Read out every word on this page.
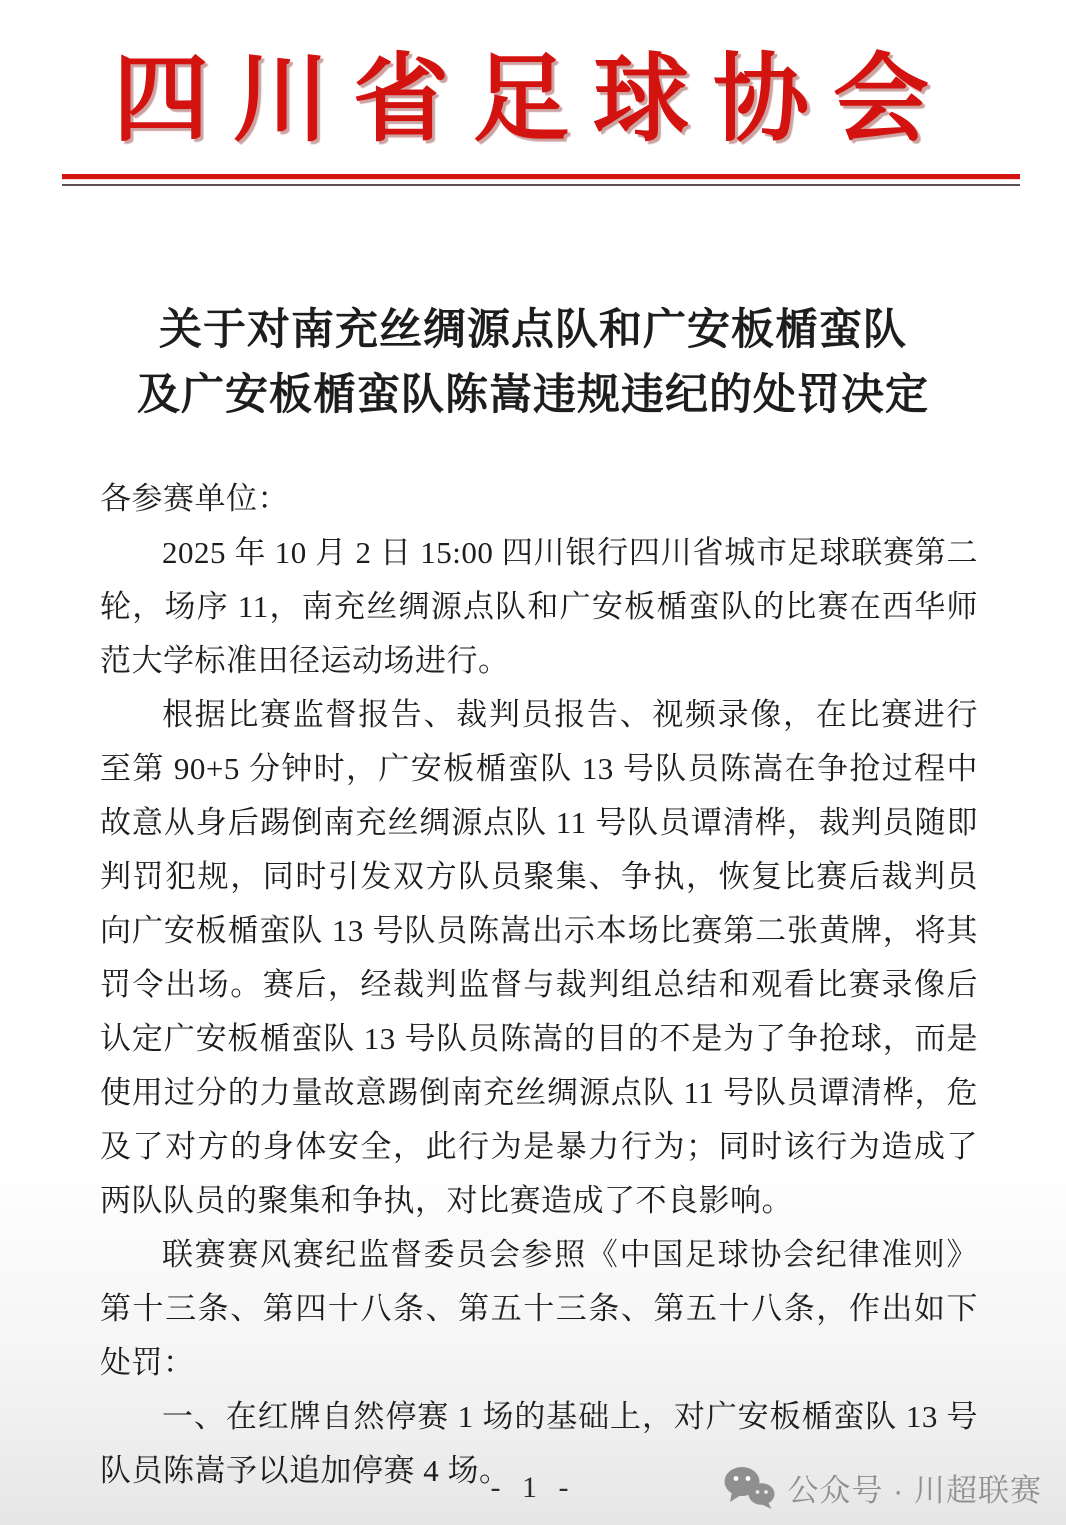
四川省足球协会
关于对南充丝绸源点队和广安板楯蛮队
及广安板楯蛮队陈嵩违规违纪的处罚决定

各参赛单位：

2025 年 10 月 2 日 15:00 四川银行四川省城市足球联赛第二轮，场序 11，南充丝绸源点队和广安板楯蛮队的比赛在西华师范大学标准田径运动场进行。

根据比赛监督报告、裁判员报告、视频录像，在比赛进行至第 90+5 分钟时，广安板楯蛮队 13 号队员陈嵩在争抢过程中故意从身后踢倒南充丝绸源点队 11 号队员谭清桦，裁判员随即判罚犯规，同时引发双方队员聚集、争执，恢复比赛后裁判员向广安板楯蛮队 13 号队员陈嵩出示本场比赛第二张黄牌，将其罚令出场。赛后，经裁判监督与裁判组总结和观看比赛录像后认定广安板楯蛮队 13 号队员陈嵩的目的不是为了争抢球，而是使用过分的力量故意踢倒南充丝绸源点队 11 号队员谭清桦，危及了对方的身体安全，此行为是暴力行为；同时该行为造成了两队队员的聚集和争执，对比赛造成了不良影响。

联赛赛风赛纪监督委员会参照《中国足球协会纪律准则》第十三条、第四十八条、第五十三条、第五十八条，作出如下处罚：

一、在红牌自然停赛 1 场的基础上，对广安板楯蛮队 13 号队员陈嵩予以追加停赛 4 场。

- 1 -	公众号 · 川超联赛
